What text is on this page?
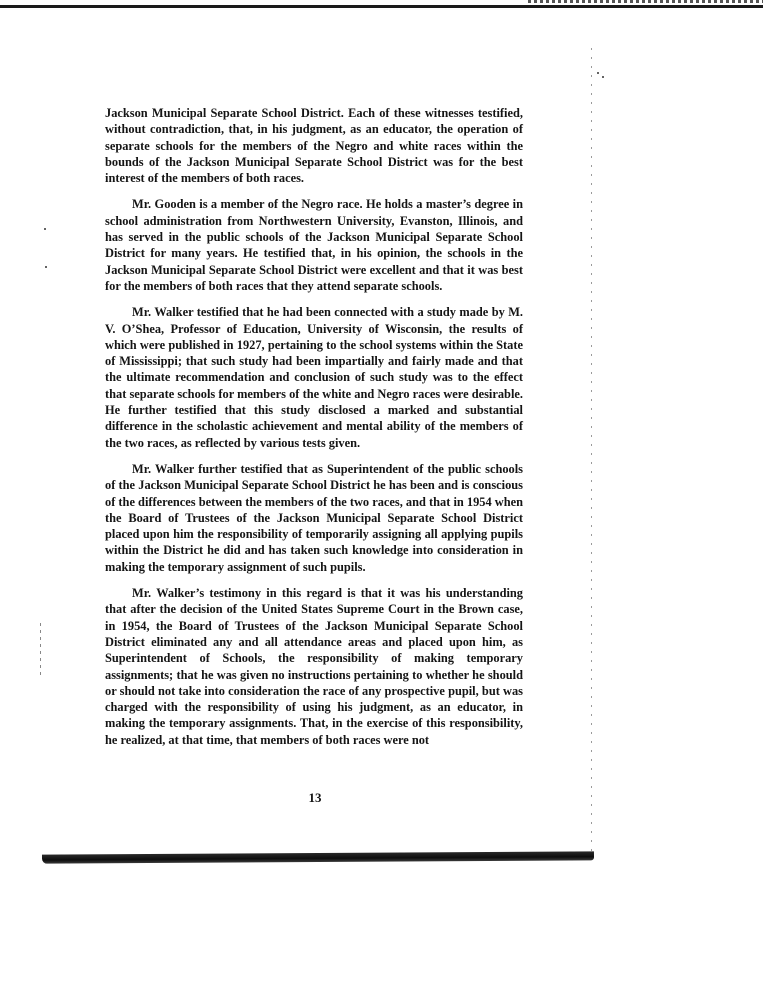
Jackson Municipal Separate School District. Each of these witnesses testified, without contradiction, that, in his judgment, as an educator, the operation of separate schools for the members of the Negro and white races within the bounds of the Jackson Municipal Separate School District was for the best interest of the members of both races.

Mr. Gooden is a member of the Negro race. He holds a master’s degree in school administration from Northwestern University, Evanston, Illinois, and has served in the public schools of the Jackson Municipal Separate School District for many years. He testified that, in his opinion, the schools in the Jackson Municipal Separate School District were excellent and that it was best for the members of both races that they attend separate schools.

Mr. Walker testified that he had been connected with a study made by M. V. O’Shea, Professor of Education, University of Wisconsin, the results of which were published in 1927, pertaining to the school systems within the State of Mississippi; that such study had been impartially and fairly made and that the ultimate recommendation and conclusion of such study was to the effect that separate schools for members of the white and Negro races were desirable. He further testified that this study disclosed a marked and substantial difference in the scholastic achievement and mental ability of the members of the two races, as reflected by various tests given.

Mr. Walker further testified that as Superintendent of the public schools of the Jackson Municipal Separate School District he has been and is conscious of the differences between the members of the two races, and that in 1954 when the Board of Trustees of the Jackson Municipal Separate School District placed upon him the responsibility of temporarily assigning all applying pupils within the District he did and has taken such knowledge into consideration in making the temporary assignment of such pupils.

Mr. Walker’s testimony in this regard is that it was his understanding that after the decision of the United States Supreme Court in the Brown case, in 1954, the Board of Trustees of the Jackson Municipal Separate School District eliminated any and all attendance areas and placed upon him, as Superintendent of Schools, the responsibility of making temporary assignments; that he was given no instructions pertaining to whether he should or should not take into consideration the race of any prospective pupil, but was charged with the responsibility of using his judgment, as an educator, in making the temporary assignments. That, in the exercise of this responsibility, he realized, at that time, that members of both races were not

13
